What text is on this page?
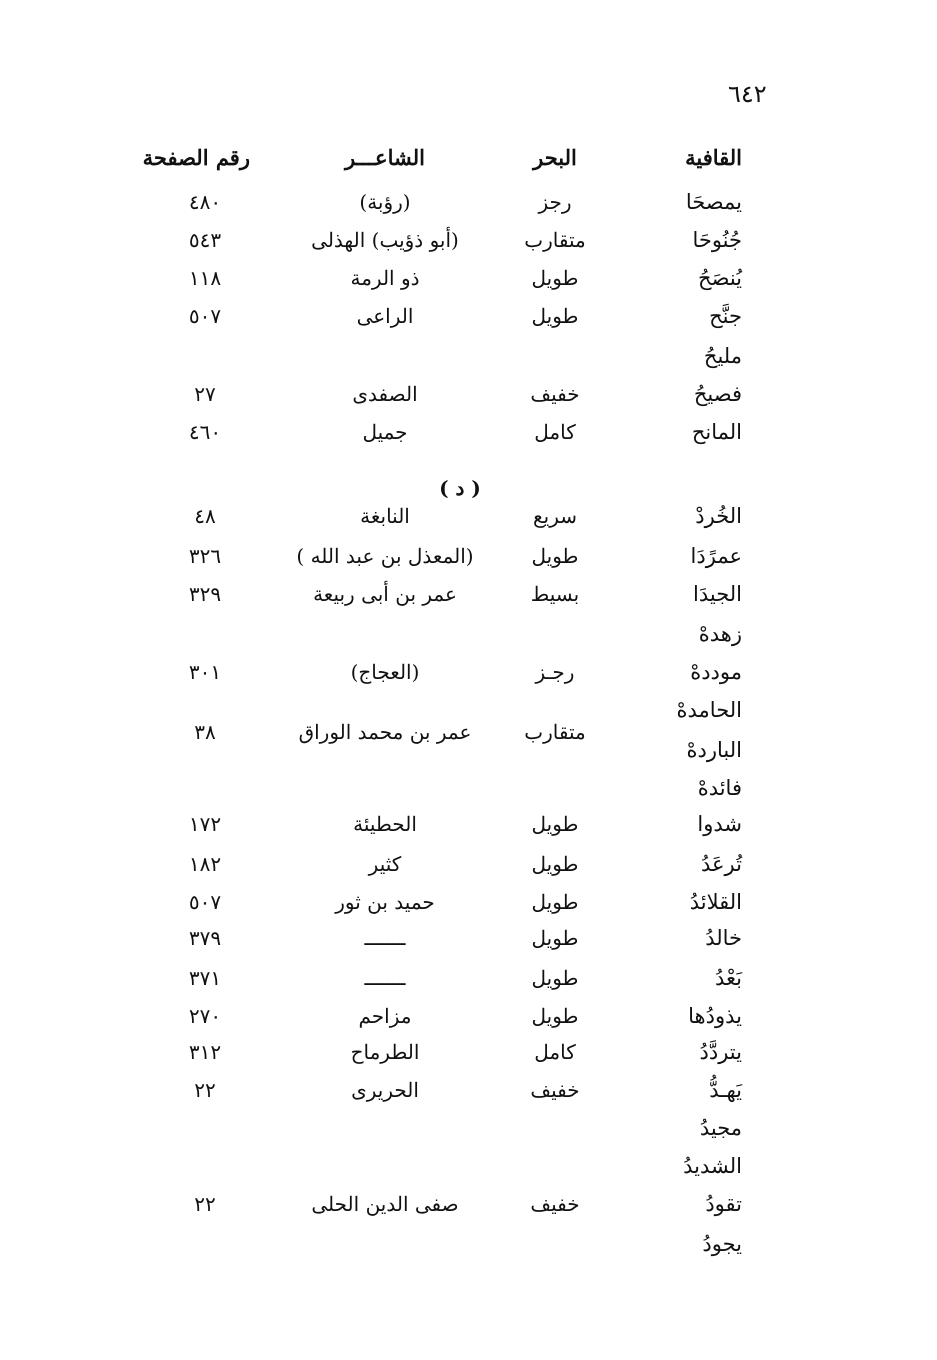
٦٤٢
القافية
البحر
الشاعـــر
رقم الصفحة
( د )
يمصحَا
رجز
(رؤبة)
٤٨٠
جُنُوحَا
متقارب
(أبو ذؤيب) الهذلى
٥٤٣
يُنصَحُ
طويل
ذو الرمة
١١٨
جنَّح
طويل
الراعى
٥٠٧
مليحُ
فصيحُ
خفيف
الصفدى
٢٧
المانح
كامل
جميل
٤٦٠
الخُردْ
سريع
النابغة
٤٨
عمرًدَا
طويل
(المعذل بن عبد الله )
٣٢٦
الجيدَا
بسيط
عمر بن أبى ربيعة
٣٢٩
زهدهْ
موددهْ
رجـز
(العجاج)
٣٠١
الحامدهْ
الباردهْ
متقارب
عمر بن محمد الوراق
٣٨
فائدهْ
شدوا
طويل
الحطيئة
١٧٢
تُرعَدُ
طويل
كثير
١٨٢
القلائدُ
طويل
حميد بن ثور
٥٠٧
خالدُ
طويل
ـــــــ
٣٧٩
بَعْدُ
طويل
ـــــــ
٣٧١
يذودُها
طويل
مزاحم
٢٧٠
يتردَّدُ
كامل
الطرماح
٣١٢
يَهـدُّ
خفيف
الحريرى
٢٢
مجيدُ
الشديدُ
تقودُ
خفيف
صفى الدين الحلى
٢٢
يجودُ
